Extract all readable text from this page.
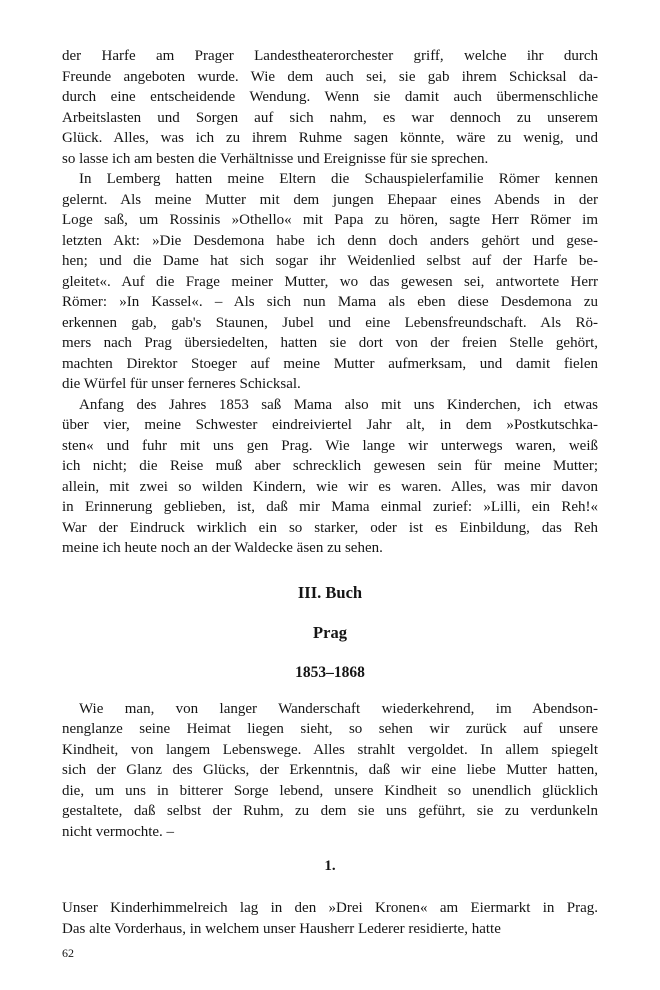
der Harfe am Prager Landestheaterorchester griff, welche ihr durch
Freunde angeboten wurde. Wie dem auch sei, sie gab ihrem Schicksal da-
durch eine entscheidende Wendung. Wenn sie damit auch übermenschliche
Arbeitslasten und Sorgen auf sich nahm, es war dennoch zu unserem
Glück. Alles, was ich zu ihrem Ruhme sagen könnte, wäre zu wenig, und
so lasse ich am besten die Verhältnisse und Ereignisse für sie sprechen.
In Lemberg hatten meine Eltern die Schauspielerfamilie Römer kennen
gelernt. Als meine Mutter mit dem jungen Ehepaar eines Abends in der
Loge saß, um Rossinis »Othello« mit Papa zu hören, sagte Herr Römer im
letzten Akt: »Die Desdemona habe ich denn doch anders gehört und gese-
hen; und die Dame hat sich sogar ihr Weidenlied selbst auf der Harfe be-
gleitet«. Auf die Frage meiner Mutter, wo das gewesen sei, antwortete Herr
Römer: »In Kassel«. – Als sich nun Mama als eben diese Desdemona zu
erkennen gab, gab's Staunen, Jubel und eine Lebensfreundschaft. Als Rö-
mers nach Prag übersiedelten, hatten sie dort von der freien Stelle gehört,
machten Direktor Stoeger auf meine Mutter aufmerksam, und damit fielen
die Würfel für unser ferneres Schicksal.
Anfang des Jahres 1853 saß Mama also mit uns Kinderchen, ich etwas
über vier, meine Schwester eindreiviertel Jahr alt, in dem »Postkutschka-
sten« und fuhr mit uns gen Prag. Wie lange wir unterwegs waren, weiß
ich nicht; die Reise muß aber schrecklich gewesen sein für meine Mutter;
allein, mit zwei so wilden Kindern, wie wir es waren. Alles, was mir davon
in Erinnerung geblieben, ist, daß mir Mama einmal zurief: »Lilli, ein Reh!«
War der Eindruck wirklich ein so starker, oder ist es Einbildung, das Reh
meine ich heute noch an der Waldecke äsen zu sehen.
III. Buch
Prag
1853–1868
Wie man, von langer Wanderschaft wiederkehrend, im Abendson-
nenglanze seine Heimat liegen sieht, so sehen wir zurück auf unsere
Kindheit, von langem Lebenswege. Alles strahlt vergoldet. In allem spiegelt
sich der Glanz des Glücks, der Erkenntnis, daß wir eine liebe Mutter hatten,
die, um uns in bitterer Sorge lebend, unsere Kindheit so unendlich glücklich
gestaltete, daß selbst der Ruhm, zu dem sie uns geführt, sie zu verdunkeln
nicht vermochte. –
1.
Unser Kinderhimmelreich lag in den »Drei Kronen« am Eiermarkt in Prag.
Das alte Vorderhaus, in welchem unser Hausherr Lederer residierte, hatte
62
